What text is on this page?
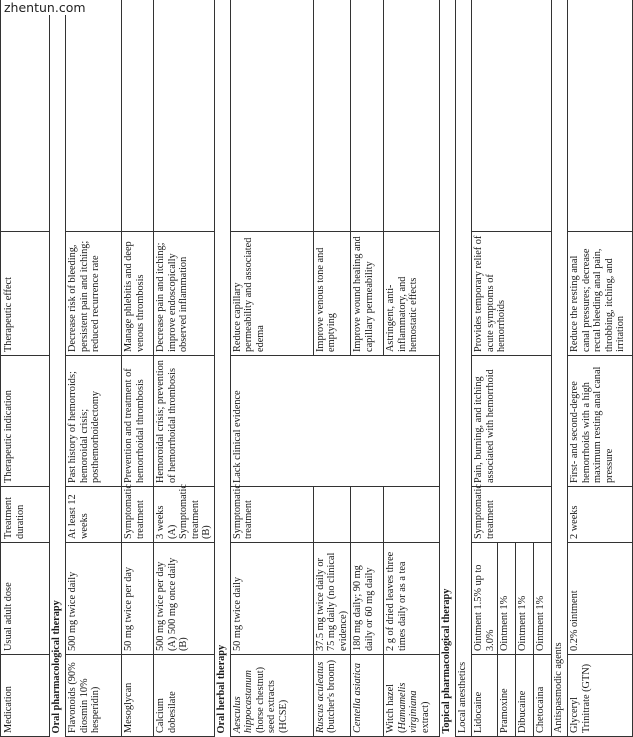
zhentun.com
Medication	Usual adult dose	Treatment duration	Therapeutic indication	Therapeutic effect	
Oral pharmacological therapy					
Flavonoids (90% diosmin 10% hesperidin)	500 mg twice daily	At least 12 weeks	Past history of hemorroids; hemoroidal crisis; posthemorhoidectomy	Decrease risk of bleeding, persistent pain and itching; reduced recurrence rate	
Mesoglycan	50 mg twice per day	Symptomatic treatment	Prevention and treatment of hemorrhoidal thrombosis	Manage phlebitis and deep venous thrombosis	
Calcium dobesilate	500 mg twice per day (A) 500 mg once daily (B)	3 weeks (A) Symptomatic treatment (B)	Hemoroidal crisis; prevention of hemorrhoidal thrombosis	Decrease pain and itching; improve endoscopically observed inflammation	
Oral herbal therapy					
Aesculus hippocastanum (horse chestnut) seed extracts (HCSE)	50 mg twice daily	Symptomatic treatment	Lack clinical evidence	Reduce capillary permeability and associated edema	
Ruscus aculeatus (butcher's broom)	37.5 mg twice daily or 75 mg daily (no clinical evidence)			Improve venous tone and emptying	
Centella asiatica	180 mg daily; 90 mg daily or 60 mg daily			Improve wound healing and capillary permeability	
Witch hazel (Hamamelis virginiana extract)	2 g of dried leaves three times daily or as a tea			Astringent, anti-inflammatory, and hemostatic effects	
Topical pharmacological therapy					
Local anesthetics					
Lidocaine	Ointment 1.5% up to 3.0%	Symptomatic treatment	Pain, burning, and itching associated with hemorrhoid	Provides temporary relief of acute symptoms of hemorrhoids	
Pramoxine	Ointment 1%				
Dibucaine	Ointment 1%				
Chetocaina	Ointment 1%				
Antispasmodic agents					
Glyceryl Trinitrate (GTN)	0.2% ointment	2 weeks	First- and second-degree hemorrhoids with a high maximum resting anal canal pressure	Reduce the resting anal canal pressures; decrease rectal bleeding anal pain, throbbing, itching, and irritation	
